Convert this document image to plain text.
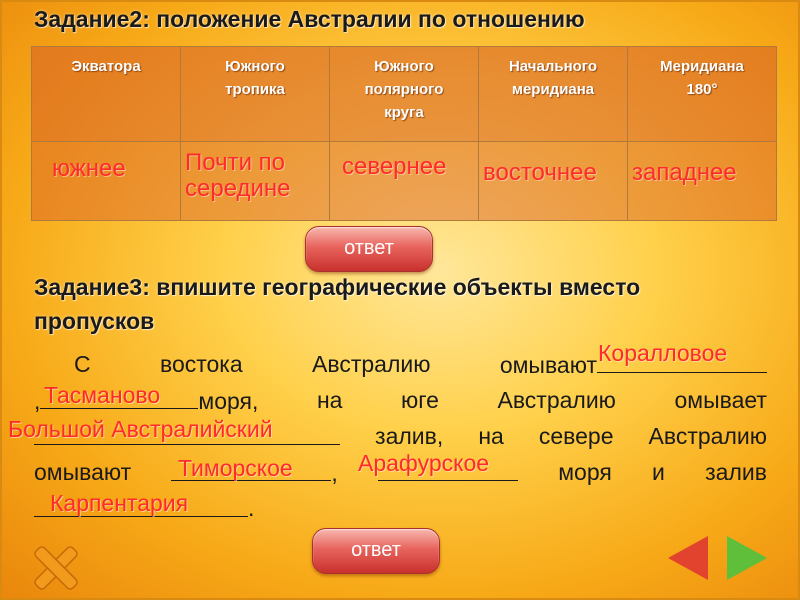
Задание2: положение Австралии по отношению
Экватора	Южного тропика	Южного полярного круга	Начального меридиана	Меридиана 180°

южнее	Почти по середине	севернее	восточнее	западнее
ответ
Задание3: впишите географические объекты вместо пропусков
С	востока	Австралию	омывают
,	моря,	на	юге	Австралию	омывает
залив, на севере Австралию
омывают	,	моря и залив
.
Коралловое
Тасманово
Большой Австралийский
Тиморское	Арафурское
Карпентария
ответ
